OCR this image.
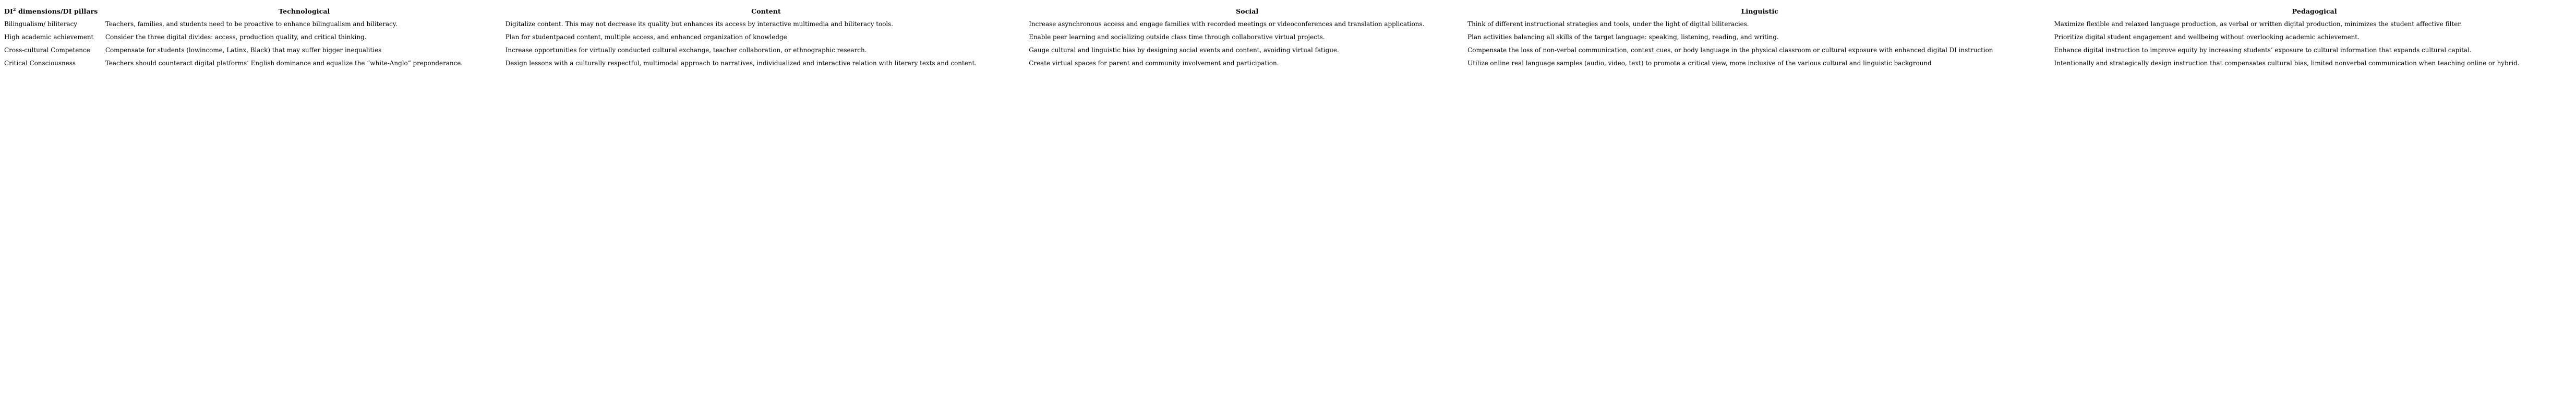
$DI^2$ dimensions/DI pillars	Technological	Content	Social	Linguistic	Pedagogical
Bilingualism/ biliteracy	Teachers, families, and students need to be proactive to enhance bilingualism and biliteracy.	Digitalize content. This may not decrease its quality but enhances its access by interactive multimedia and biliteracy tools.	Increase asynchronous access and engage families with recorded meetings or videoconferences and translation applications.	Think of different instructional strategies and tools, under the light of digital biliteracies.	Maximize flexible and relaxed language production, as verbal or written digital production, minimizes the student affective filter.
High academic achievement	Consider the three digital divides: access, production quality, and critical thinking.	Plan for studentpaced content, multiple access, and enhanced organization of knowledge	Enable peer learning and socializing outside class time through collaborative virtual projects.	Plan activities balancing all skills of the target language: speaking, listening, reading, and writing.	Prioritize digital student engagement and wellbeing without overlooking academic achievement.
Cross-cultural Competence	Compensate for students (lowincome, Latinx, Black) that may suffer bigger inequalities	Increase opportunities for virtually conducted cultural exchange, teacher collaboration, or ethnographic research.	Gauge cultural and linguistic bias by designing social events and content, avoiding virtual fatigue.	Compensate the loss of non-verbal communication, context cues, or body language in the physical classroom or cultural exposure with enhanced digital DI instruction	Enhance digital instruction to improve equity by increasing students’ exposure to cultural information that expands cultural capital.
Critical Consciousness	Teachers should counteract digital platforms’ English dominance and equalize the “white-Anglo” preponderance.	Design lessons with a culturally respectful, multimodal approach to narratives, individualized and interactive relation with literary texts and content.	Create virtual spaces for parent and community involvement and participation.	Utilize online real language samples (audio, video, text) to promote a critical view, more inclusive of the various cultural and linguistic background	Intentionally and strategically design instruction that compensates cultural bias, limited nonverbal communication when teaching online or hybrid.
